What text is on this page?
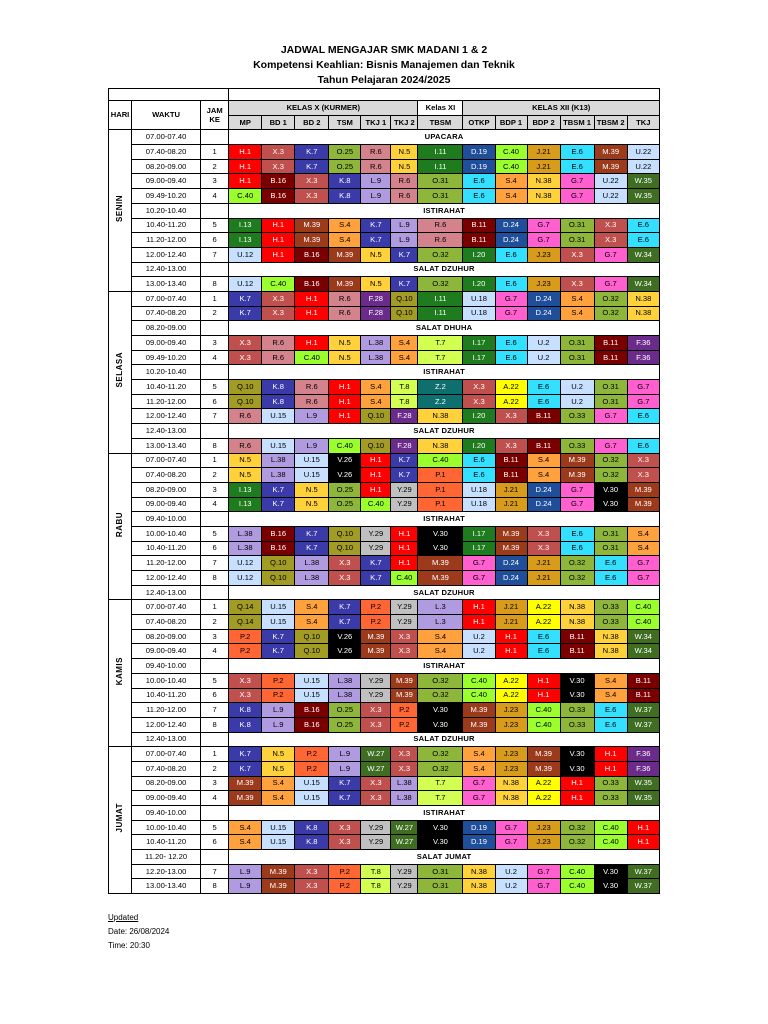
JADWAL MENGAJAR SMK MADANI 1 & 2
Kompetensi Keahlian: Bisnis Manajemen dan Teknik
Tahun Pelajaran 2024/2025

HARI	WAKTU	JAM KE	KELAS X (KURMER)						Kelas XI	KELAS XII (K13)					
			MP	BD 1	BD 2	TSM	TKJ 1	TKJ 2	TBSM	OTKP	BDP 1	BDP 2	TBSM 1	TBSM 2	TKJ
SENIN	07.00-07.40		UPACARA												
	07.40-08.20	1	H.1	X.3	K.7	O.25	R.6	N.5	I.11	D.19	C.40	J.21	E.6	M.39	U.22
	08.20-09.00	2	H.1	X.3	K.7	O.25	R.6	N.5	I.11	D.19	C.40	J.21	E.6	M.39	U.22
	09.00-09.40	3	H.1	B.16	X.3	K.8	L.9	R.6	O.31	E.6	S.4	N.38	G.7	U.22	W.35
	09.49-10.20	4	C.40	B.16	X.3	K.8	L.9	R.6	O.31	E.6	S.4	N.38	G.7	U.22	W.35
	10.20-10.40		ISTIRAHAT												
	10.40-11.20	5	I.13	H.1	M.39	S.4	K.7	L.9	R.6	B.11	D.24	G.7	O.31	X.3	E.6
	11.20-12.00	6	I.13	H.1	M.39	S.4	K.7	L.9	R.6	B.11	D.24	G.7	O.31	X.3	E.6
	12.00-12.40	7	U.12	H.1	B.16	M.39	N.5	K.7	O.32	I.20	E.6	J.23	X.3	G.7	W.34
	12.40-13.00		SALAT DZUHUR												
	13.00-13.40	8	U.12	C.40	B.16	M.39	N.5	K.7	O.32	I.20	E.6	J.23	X.3	G.7	W.34
SELASA	07.00-07.40	1	K.7	X.3	H.1	R.6	F.28	Q.10	I.11	U.18	G.7	D.24	S.4	O.32	N.38
	07.40-08.20	2	K.7	X.3	H.1	R.6	F.28	Q.10	I.11	U.18	G.7	D.24	S.4	O.32	N.38
	08.20-09.00		SALAT DHUHA												
	09.00-09.40	3	X.3	R.6	H.1	N.5	L.38	S.4	T.7	I.17	E.6	U.2	O.31	B.11	F.36
	09.49-10.20	4	X.3	R.6	C.40	N.5	L.38	S.4	T.7	I.17	E.6	U.2	O.31	B.11	F.36
	10.20-10.40		ISTIRAHAT												
	10.40-11.20	5	Q.10	K.8	R.6	H.1	S.4	T.8	Z.2	X.3	A.22	E.6	U.2	O.31	G.7
	11.20-12.00	6	Q.10	K.8	R.6	H.1	S.4	T.8	Z.2	X.3	A.22	E.6	U.2	O.31	G.7
	12.00-12.40	7	R.6	U.15	L.9	H.1	Q.10	F.28	N.38	I.20	X.3	B.11	O.33	G.7	E.6
	12.40-13.00		SALAT DZUHUR												
	13.00-13.40	8	R.6	U.15	L.9	C.40	Q.10	F.28	N.38	I.20	X.3	B.11	O.33	G.7	E.6
RABU	07.00-07.40	1	N.5	L.38	U.15	V.26	H.1	K.7	C.40	E.6	B.11	S.4	M.39	O.32	X.3
	07.40-08.20	2	N.5	L.38	U.15	V.26	H.1	K.7	P.1	E.6	B.11	S.4	M.39	O.32	X.3
	08.20-09.00	3	I.13	K.7	N.5	O.25	H.1	Y.29	P.1	U.18	J.21	D.24	G.7	V.30	M.39
	09.00-09.40	4	I.13	K.7	N.5	O.25	C.40	Y.29	P.1	U.18	J.21	D.24	G.7	V.30	M.39
	09.40-10.00		ISTIRAHAT												
	10.00-10.40	5	L.38	B.16	K.7	Q.10	Y.29	H.1	V.30	I.17	M.39	X.3	E.6	O.31	S.4
	10.40-11.20	6	L.38	B.16	K.7	Q.10	Y.29	H.1	V.30	I.17	M.39	X.3	E.6	O.31	S.4
	11.20-12.00	7	U.12	Q.10	L.38	X.3	K.7	H.1	M.39	G.7	D.24	J.21	O.32	E.6	G.7
	12.00-12.40	8	U.12	Q.10	L.38	X.3	K.7	C.40	M.39	G.7	D.24	J.21	O.32	E.6	G.7
	12.40-13.00		SALAT DZUHUR												
KAMIS	07.00-07.40	1	Q.14	U.15	S.4	K.7	P.2	Y.29	L.3	H.1	J.21	A.22	N.38	O.33	C.40
	07.40-08.20	2	Q.14	U.15	S.4	K.7	P.2	Y.29	L.3	H.1	J.21	A.22	N.38	O.33	C.40
	08.20-09.00	3	P.2	K.7	Q.10	V.26	M.39	X.3	S.4	U.2	H.1	E.6	B.11	N.38	W.34
	09.00-09.40	4	P.2	K.7	Q.10	V.26	M.39	X.3	S.4	U.2	H.1	E.6	B.11	N.38	W.34
	09.40-10.00		ISTIRAHAT												
	10.00-10.40	5	X.3	P.2	U.15	L.38	Y.29	M.39	O.32	C.40	A.22	H.1	V.30	S.4	B.11
	10.40-11.20	6	X.3	P.2	U.15	L.38	Y.29	M.39	O.32	C.40	A.22	H.1	V.30	S.4	B.11
	11.20-12.00	7	K.8	L.9	B.16	O.25	X.3	P.2	V.30	M.39	J.23	C.40	O.33	E.6	W.37
	12.00-12.40	8	K.8	L.9	B.16	O.25	X.3	P.2	V.30	M.39	J.23	C.40	O.33	E.6	W.37
	12.40-13.00		SALAT DZUHUR												
JUMAT	07.00-07.40	1	K.7	N.5	P.2	L.9	W.27	X.3	O.32	S.4	J.23	M.39	V.30	H.1	F.36
	07.40-08.20	2	K.7	N.5	P.2	L.9	W.27	X.3	O.32	S.4	J.23	M.39	V.30	H.1	F.36
	08.20-09.00	3	M.39	S.4	U.15	K.7	X.3	L.38	T.7	G.7	N.38	A.22	H.1	O.33	W.35
	09.00-09.40	4	M.39	S.4	U.15	K.7	X.3	L.38	T.7	G.7	N.38	A.22	H.1	O.33	W.35
	09.40-10.00		ISTIRAHAT												
	10.00-10.40	5	S.4	U.15	K.8	X.3	Y.29	W.27	V.30	D.19	G.7	J.23	O.32	C.40	H.1
	10.40-11.20	6	S.4	U.15	K.8	X.3	Y.29	W.27	V.30	D.19	G.7	J.23	O.32	C.40	H.1
	11.20- 12.20		SALAT JUMAT												
	12.20-13.00	7	L.9	M.39	X.3	P.2	T.8	Y.29	O.31	N.38	U.2	G.7	C.40	V.30	W.37
	13.00-13.40	8	L.9	M.39	X.3	P.2	T.8	Y.29	O.31	N.38	U.2	G.7	C.40	V.30	W.37
Updated
Date: 26/08/2024
Time: 20:30
